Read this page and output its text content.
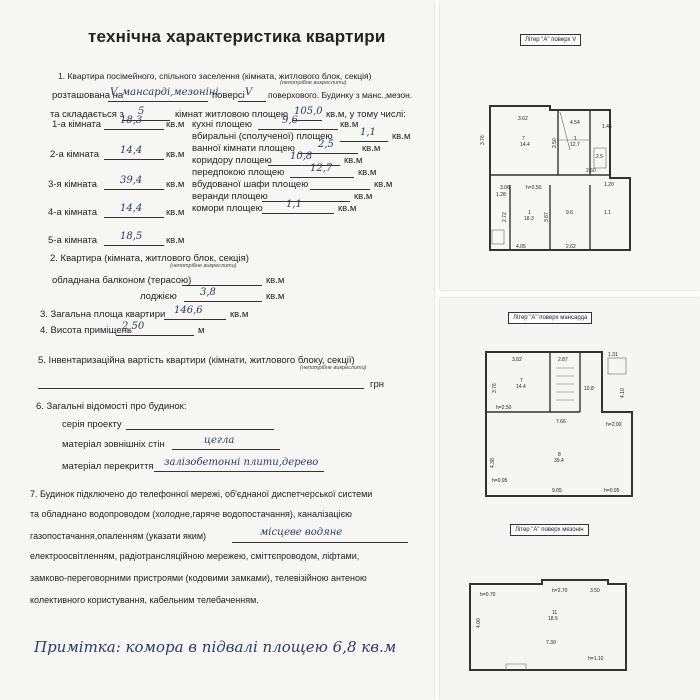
технічна характеристика квартири
1. Квартира посімейного, спільного заселення (кімната, житлового блок, секція)
(непотрібне викреслити)
розташована на
V, мансарді,мезоніні
поверсі V поверхового. Будинку з манс.,мезон.
та складається з 5	кімнат житловою площею 105,0 кв.м, у тому числі:
1-а кімната 18,3 кв.м
2-а кімната 14,4 кв.м
3-я кімната 39,4 кв.м
4-а кімната 14,4 кв.м
5-а кімната 18,5 кв.м
кухні площею	9,6	кв.м
вбиральні (сполученої) площею	1,1 кв.м
ванної кімнати площею 2,5	кв.м
коридору площею 10,8	кв.м
передпокою площею	12,7	кв.м
вбудованої шафи площею	кв.м
веранди площею	кв.м
комори площею 1,1	кв.м
2. Квартира (кімната, житлового блок, секція)
(непотрібне викреслити)
обладнана балконом (терасою)	кв.м
лоджією 3,8	кв.м
3. Загальна площа квартири 146,6	кв.м
4. Висота приміщень
2,50	м
5. Інвентаризаційна вартість квартири (кімнати, житлового блоку, секції)
(непотрібне викреслити)
грн
6. Загальні відомості про будинок:
серія проекту
матеріал зовнішніх стін	цегла
матеріал перекриття залізобетонні плити,дерево
7. Будинок підключено до телефонної мережі, об'єднаної диспетчерської системи
та обладнано водопроводом (холодне,гаряче водопостачання), каналізацією
газопостачання,опаленням (указати яким)	місцеве водяне
електроосвітленням, радіотрансляційною мережею, сміттєпроводом, ліфтами,
замково-переговорними пристроями (кодовими замками), телевізійною антеною
колективного користування, кабельним телебаченням.
Примітка: комора в підвалі площею 6,8 кв.м
Літер "А" поверх V
3.62
4.54
1.45
7
14.4
1
12.7
2.5
2.60
3.06	h=2.50	1.20
1
18.3
9.6	1.1
4.05	2.62
1.28
3.76	2.50
2.72	3.87
Літер "А" поверх мансарда
Літер "А" поверх мезонін
3.82	2.87
1.31
7
14.4	10.8
h=2.50
7.66	h=2.00
8
39.4
h=0.95
9.05	h=0.95
3.76
4.10
4.38
h=0.70
h=2.70	3.50
11
18.5
7.30
h=1.10
4.00
